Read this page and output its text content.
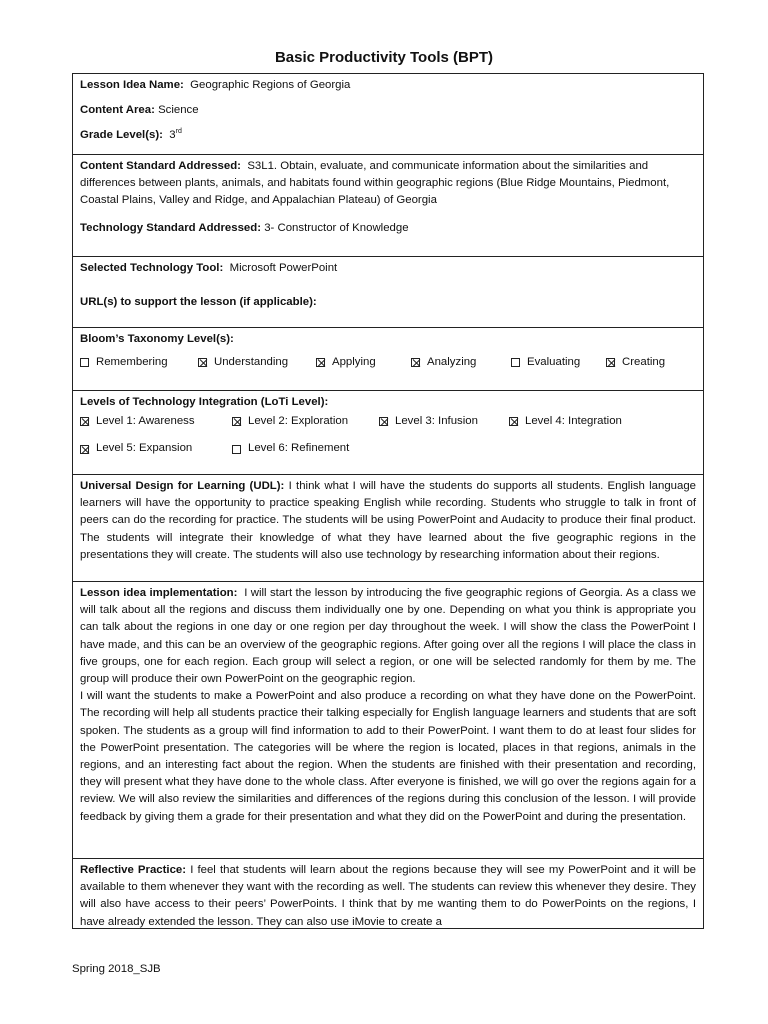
Basic Productivity Tools (BPT)
Lesson Idea Name: Geographic Regions of Georgia
Content Area: Science
Grade Level(s): 3rd
Content Standard Addressed: S3L1. Obtain, evaluate, and communicate information about the similarities and differences between plants, animals, and habitats found within geographic regions (Blue Ridge Mountains, Piedmont, Coastal Plains, Valley and Ridge, and Appalachian Plateau) of Georgia
Technology Standard Addressed: 3- Constructor of Knowledge
Selected Technology Tool: Microsoft PowerPoint
URL(s) to support the lesson (if applicable):
Bloom’s Taxonomy Level(s):
Remembering	Understanding	Applying	Analyzing	Evaluating	Creating
Levels of Technology Integration (LoTi Level):
Level 1: Awareness	Level 2: Exploration	Level 3: Infusion	Level 4: Integration
Level 5: Expansion	Level 6: Refinement
Universal Design for Learning (UDL): I think what I will have the students do supports all students. English language learners will have the opportunity to practice speaking English while recording. Students who struggle to talk in front of peers can do the recording for practice. The students will be using PowerPoint and Audacity to produce their final product. The students will integrate their knowledge of what they have learned about the five geographic regions in the presentations they will create. The students will also use technology by researching information about their regions.
Lesson idea implementation: I will start the lesson by introducing the five geographic regions of Georgia. As a class we will talk about all the regions and discuss them individually one by one. Depending on what you think is appropriate you can talk about the regions in one day or one region per day throughout the week. I will show the class the PowerPoint I have made, and this can be an overview of the geographic regions. After going over all the regions I will place the class in five groups, one for each region. Each group will select a region, or one will be selected randomly for them by me. The group will produce their own PowerPoint on the geographic region.
I will want the students to make a PowerPoint and also produce a recording on what they have done on the PowerPoint. The recording will help all students practice their talking especially for English language learners and students that are soft spoken. The students as a group will find information to add to their PowerPoint. I want them to do at least four slides for the PowerPoint presentation. The categories will be where the region is located, places in that regions, animals in the regions, and an interesting fact about the region. When the students are finished with their presentation and recording, they will present what they have done to the whole class. After everyone is finished, we will go over the regions again for a review. We will also review the similarities and differences of the regions during this conclusion of the lesson. I will provide feedback by giving them a grade for their presentation and what they did on the PowerPoint and during the presentation.
Reflective Practice: I feel that students will learn about the regions because they will see my PowerPoint and it will be available to them whenever they want with the recording as well. The students can review this whenever they desire. They will also have access to their peers’ PowerPoints. I think that by me wanting them to do PowerPoints on the regions, I have already extended the lesson. They can also use iMovie to create a
Spring 2018_SJB
